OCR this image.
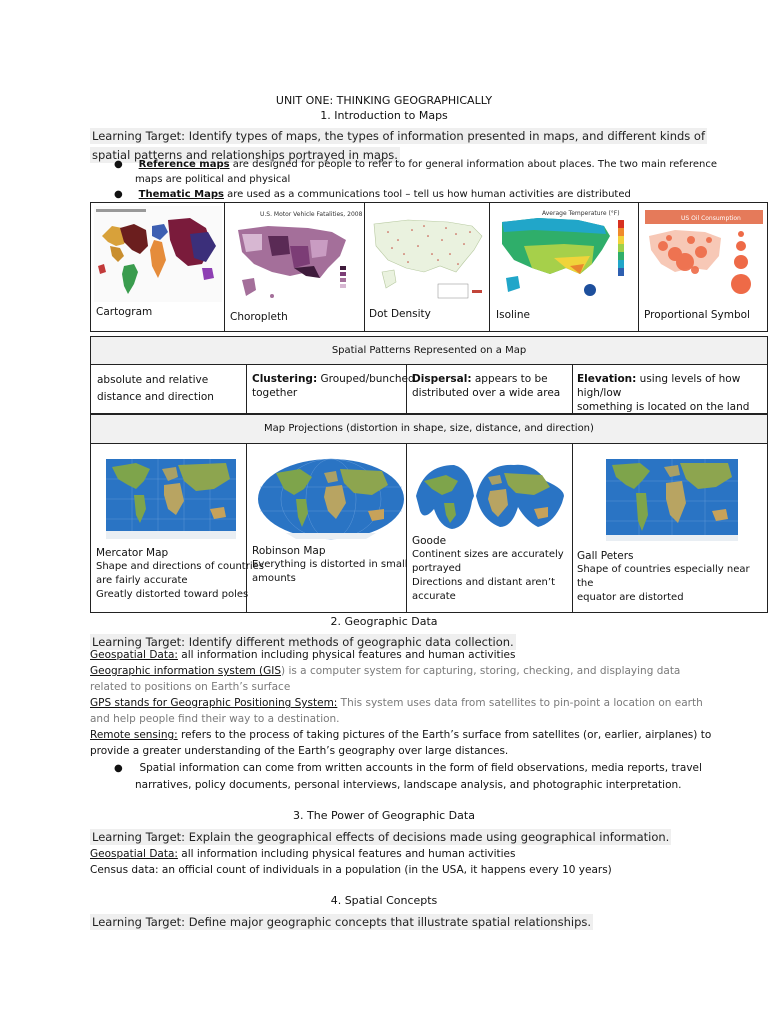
UNIT ONE: THINKING GEOGRAPHICALLY
1. Introduction to Maps
Learning Target: Identify types of maps, the types of information presented in maps, and different kinds of
spatial patterns and relationships portrayed in maps.
● Reference maps are designed for people to refer to for general information about places. The two main reference
maps are political and physical
● Thematic Maps are used as a communications tool – tell us how human activities are distributed
Cartogram
U.S. Motor Vehicle Fatalities, 2008
Choropleth	Dot Density
Average Temperature (°F)
Isoline
US Oil Consumption
Proportional Symbol
Spatial Patterns Represented on a Map
absolute and relative
distance and direction
Clustering: Grouped/bunched
together
Dispersal: appears to be
distributed over a wide area
Elevation: using levels of how high/low
something is located on the land
Map Projections (distortion in shape, size, distance, and direction)
Mercator Map
Shape and directions of countries
are fairly accurate
Greatly distorted toward poles
Robinson Map
Everything is distorted in small
amounts
Goode
Continent sizes are accurately
portrayed
Directions and distant aren’t
accurate
Gall Peters
Shape of countries especially near the
equator are distorted
2. Geographic Data
Learning Target: Identify different methods of geographic data collection.
Geospatial Data: all information including physical features and human activities
Geographic information system (GIS) is a computer system for capturing, storing, checking, and displaying data
related to positions on Earth’s surface
GPS stands for Geographic Positioning System: This system uses data from satellites to pin-point a location on earth
and help people find their way to a destination.
Remote sensing: refers to the process of taking pictures of the Earth’s surface from satellites (or, earlier, airplanes) to
provide a greater understanding of the Earth’s geography over large distances.
● Spatial information can come from written accounts in the form of field observations, media reports, travel
narratives, policy documents, personal interviews, landscape analysis, and photographic interpretation.
3. The Power of Geographic Data
Learning Target: Explain the geographical effects of decisions made using geographical information.
Geospatial Data: all information including physical features and human activities
Census data: an official count of individuals in a population (in the USA, it happens every 10 years)
4. Spatial Concepts
Learning Target: Define major geographic concepts that illustrate spatial relationships.
